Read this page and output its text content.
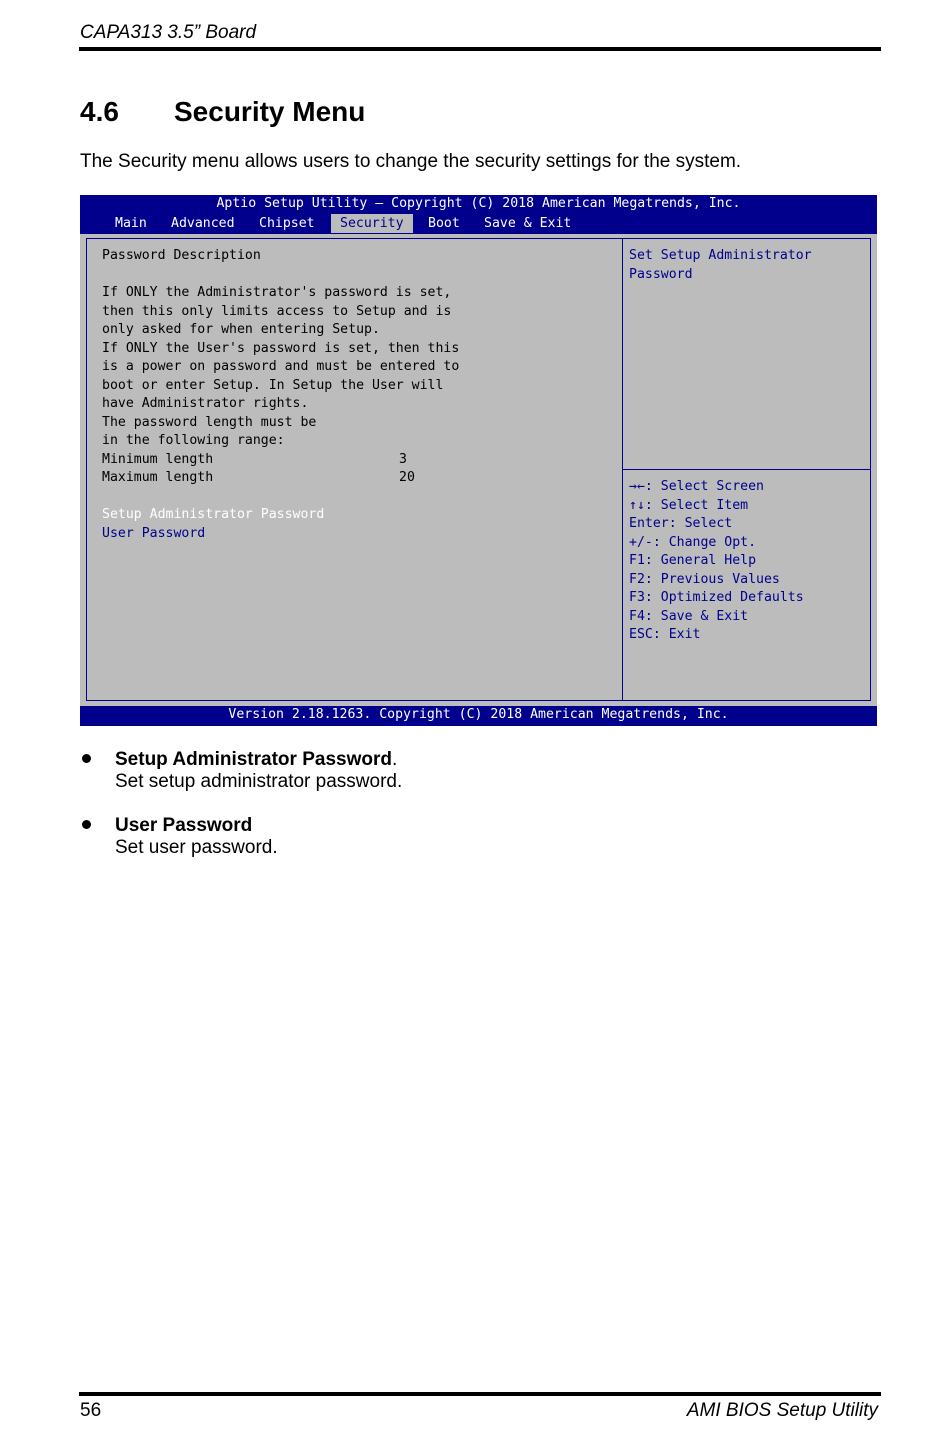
CAPA313 3.5” Board
4.6 Security Menu
The Security menu allows users to change the security settings for the system.
Aptio Setup Utility – Copyright (C) 2018 American Megatrends, Inc.
Main	Advanced	Chipset	Security	Boot	Save & Exit
Password Description
If ONLY the Administrator's password is set,
then this only limits access to Setup and is
only asked for when entering Setup.
If ONLY the User's password is set, then this
is a power on password and must be entered to
boot or enter Setup. In Setup the User will
have Administrator rights.
The password length must be
in the following range:
Minimum length	3
Maximum length	20
Setup Administrator Password
User Password
Set Setup Administrator
Password
→←: Select Screen
↑↓: Select Item
Enter: Select
+/-: Change Opt.
F1: General Help
F2: Previous Values
F3: Optimized Defaults
F4: Save & Exit
ESC: Exit
Version 2.18.1263. Copyright (C) 2018 American Megatrends, Inc.
Setup Administrator Password.
Set setup administrator password.
User Password
Set user password.
56	AMI BIOS Setup Utility
